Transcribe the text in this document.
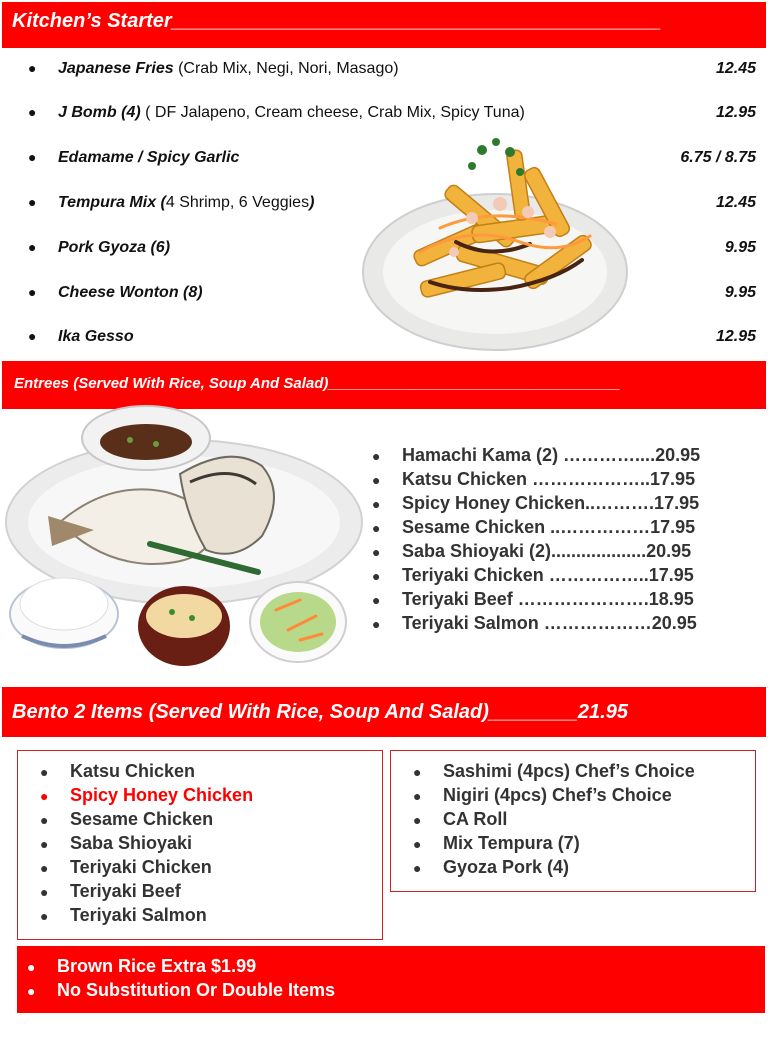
Kitchen’s Starter____________________________________________
● Japanese Fries (Crab Mix, Negi, Nori, Masago)	12.45
● J Bomb (4) ( DF Jalapeno, Cream cheese, Crab Mix, Spicy Tuna)	12.95
● Edamame / Spicy Garlic	6.75 / 8.75
● Tempura Mix (4 Shrimp, 6 Veggies)	12.45
● Pork Gyoza (6)	9.95
● Cheese Wonton (8)	9.95
● Ika Gesso	12.95
Entrees (Served With Rice, Soup And Salad)___________________________________
● Hamachi Kama (2) …………....20.95
● Katsu Chicken ………………..17.95
● Spicy Honey Chicken..……….17.95
● Sesame Chicken ..……………17.95
● Saba Shioyaki (2)...................20.95
● Teriyaki Chicken ……………..17.95
● Teriyaki Beef ………………….18.95
● Teriyaki Salmon ………………20.95
Bento 2 Items (Served With Rice, Soup And Salad)________21.95
● Katsu Chicken
● Spicy Honey Chicken
● Sesame Chicken
● Saba Shioyaki
● Teriyaki Chicken
● Teriyaki Beef
● Teriyaki Salmon
● Sashimi (4pcs) Chef’s Choice
● Nigiri (4pcs) Chef’s Choice
● CA Roll
● Mix Tempura (7)
● Gyoza Pork (4)
● Brown Rice Extra $1.99
● No Substitution Or Double Items
